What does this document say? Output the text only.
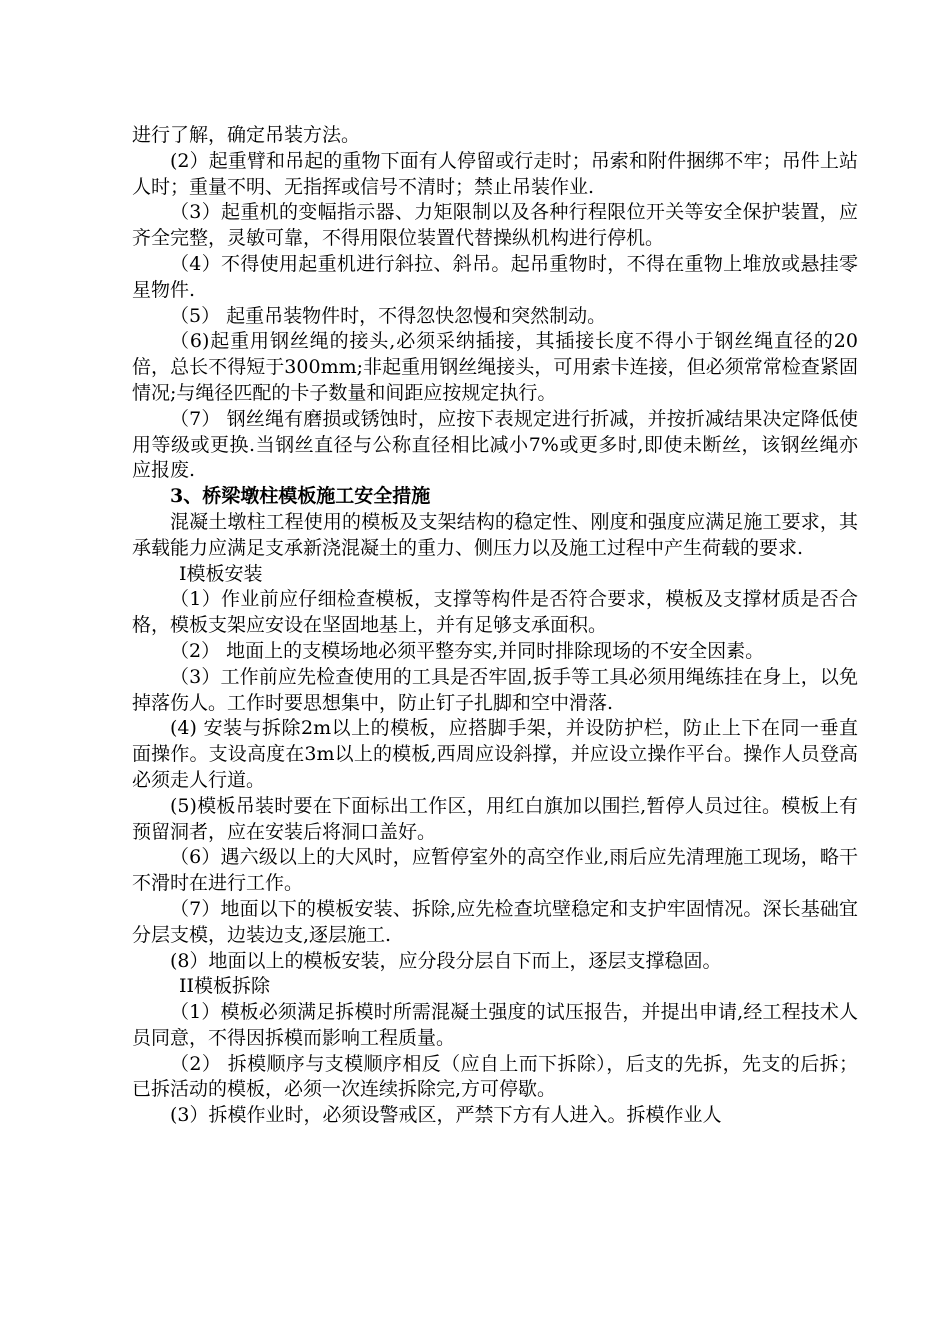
进行了解，确定吊装方法。

(2）起重臂和吊起的重物下面有人停留或行走时；吊索和附件捆绑不牢；吊件上站人时；重量不明、无指挥或信号不清时；禁止吊装作业.

（3）起重机的变幅指示器、力矩限制以及各种行程限位开关等安全保护装置，应齐全完整，灵敏可靠，不得用限位装置代替操纵机构进行停机。

（4）不得使用起重机进行斜拉、斜吊。起吊重物时，不得在重物上堆放或悬挂零星物件.

（5） 起重吊装物件时，不得忽快忽慢和突然制动。

（6)起重用钢丝绳的接头,必须采纳插接，其插接长度不得小于钢丝绳直径的20倍，总长不得短于300mm;非起重用钢丝绳接头，可用索卡连接，但必须常常检查紧固情况;与绳径匹配的卡子数量和间距应按规定执行。

（7） 钢丝绳有磨损或锈蚀时，应按下表规定进行折减，并按折减结果决定降低使用等级或更换.当钢丝直径与公称直径相比减小7%或更多时,即使未断丝，该钢丝绳亦应报废.

3、桥梁墩柱模板施工安全措施

混凝土墩柱工程使用的模板及支架结构的稳定性、刚度和强度应满足施工要求，其承载能力应满足支承新浇混凝土的重力、侧压力以及施工过程中产生荷载的要求.

I模板安装

（1）作业前应仔细检查模板，支撑等构件是否符合要求，模板及支撑材质是否合格，模板支架应安设在坚固地基上，并有足够支承面积。

（2） 地面上的支模场地必须平整夯实,并同时排除现场的不安全因素。

（3）工作前应先检查使用的工具是否牢固,扳手等工具必须用绳练挂在身上，以免掉落伤人。工作时要思想集中，防止钉子扎脚和空中滑落.

(4) 安装与拆除2m以上的模板，应搭脚手架，并设防护栏，防止上下在同一垂直面操作。支设高度在3m以上的模板,西周应设斜撑，并应设立操作平台。操作人员登高必须走人行道。

(5)模板吊装时要在下面标出工作区，用红白旗加以围拦,暂停人员过往。模板上有预留洞者，应在安装后将洞口盖好。

（6）遇六级以上的大风时，应暂停室外的高空作业,雨后应先清理施工现场，略干不滑时在进行工作。

（7）地面以下的模板安装、拆除,应先检查坑壁稳定和支护牢固情况。深长基础宜分层支模，边装边支,逐层施工.

(8）地面以上的模板安装，应分段分层自下而上，逐层支撑稳固。

II模板拆除

（1）模板必须满足拆模时所需混凝土强度的试压报告，并提出申请,经工程技术人员同意，不得因拆模而影响工程质量。

（2） 拆模顺序与支模顺序相反（应自上而下拆除），后支的先拆，先支的后拆；已拆活动的模板，必须一次连续拆除完,方可停歇。

(3）拆模作业时，必须设警戒区，严禁下方有人进入。拆模作业人
